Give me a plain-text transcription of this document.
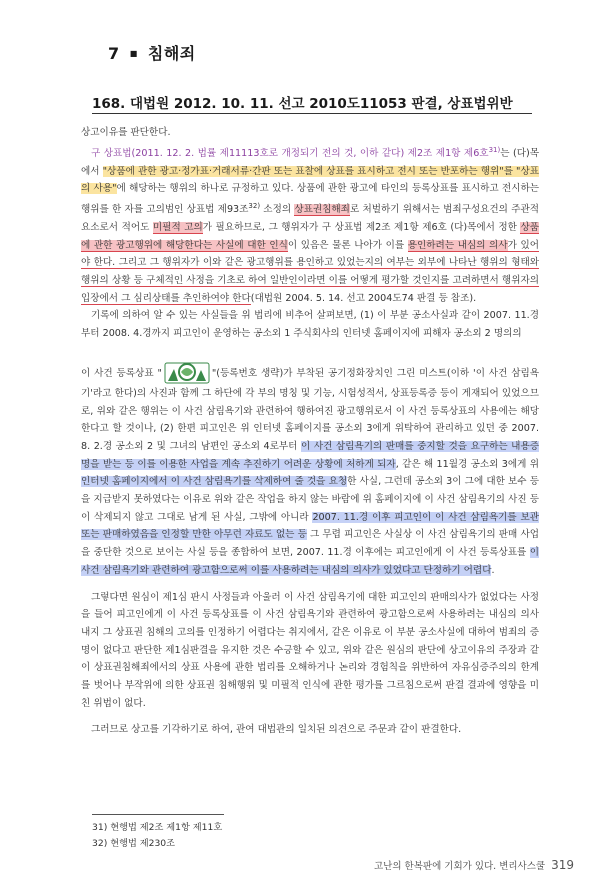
7 ■ 침해죄
168. 대법원 2012. 10. 11. 선고 2010도11053 판결, 상표법위반

상고이유를 판단한다.

구 상표법(2011. 12. 2. 법률 제11113호로 개정되기 전의 것, 이하 같다) 제2조 제1항 제6호$^{31)}$는 (다)목에서 "상품에 관한 광고·정가표·거래서류·간판 또는 표찰에 상표를 표시하고 전시 또는 반포하는 행위"를 "상표의 사용"에 해당하는 행위의 하나로 규정하고 있다. 상품에 관한 광고에 타인의 등록상표를 표시하고 전시하는 행위를 한 자를 고의범인 상표법 제93조$^{32)}$ 소정의 상표권침해죄로 처벌하기 위해서는 범죄구성요건의 주관적 요소로서 적어도 미필적 고의가 필요하므로, 그 행위자가 구 상표법 제2조 제1항 제6호 (다)목에서 정한 상품에 관한 광고행위에 해당한다는 사실에 대한 인식이 있음은 물론 나아가 이를 용인하려는 내심의 의사가 있어야 한다. 그리고 그 행위자가 이와 같은 광고행위를 용인하고 있었는지의 여부는 외부에 나타난 행위의 형태와 행위의 상황 등 구체적인 사정을 기초로 하여 일반인이라면 이를 어떻게 평가할 것인지를 고려하면서 행위자의 입장에서 그 심리상태를 추인하여야 한다(대법원 2004. 5. 14. 선고 2004도74 판결 등 참조).

기록에 의하여 알 수 있는 사실들을 위 법리에 비추어 살펴보면, (1) 이 부분 공소사실과 같이 2007. 11.경부터 2008. 4.경까지 피고인이 운영하는 공소외 1 주식회사의 인터넷 홈페이지에 피해자 공소외 2 명의의

이 사건 등록상표 "	"(등록번호 생략)가 부착된 공기정화장치인 그린 미스트(이하 '이 사건 삼림욕기'라고 한다)의 사진과 함께 그 하단에 각 부의 명칭 및 기능, 시험성적서, 상표등록증 등이 게재되어 있었으므로, 위와 같은 행위는 이 사건 삼림욕기와 관련하여 행하여진 광고행위로서 이 사건 등록상표의 사용에는 해당한다고 할 것이나, (2) 한편 피고인은 위 인터넷 홈페이지를 공소외 3에게 위탁하여 관리하고 있던 중 2007. 8. 2.경 공소외 2 및 그녀의 남편인 공소외 4로부터 이 사건 삼림욕기의 판매를 중지할 것을 요구하는 내용증명을 받는 등 이를 이용한 사업을 계속 추진하기 어려운 상황에 처하게 되자, 같은 해 11월경 공소외 3에게 위 인터넷 홈페이지에서 이 사건 삼림욕기를 삭제하여 줄 것을 요청한 사실, 그런데 공소외 3이 그에 대한 보수 등을 지급받지 못하였다는 이유로 위와 같은 작업을 하지 않는 바람에 위 홈페이지에 이 사건 삼림욕기의 사진 등이 삭제되지 않고 그대로 남게 된 사실, 그밖에 아니라 2007. 11.경 이후 피고인이 이 사건 삼림욕기를 보관 또는 판매하였음을 인정할 만한 아무런 자료도 없는 등 그 무렵 피고인은 사실상 이 사건 삼림욕기의 판매 사업을 중단한 것으로 보이는 사실 등을 종합하여 보면, 2007. 11.경 이후에는 피고인에게 이 사건 등록상표를 이 사건 삼림욕기와 관련하여 광고함으로써 이를 사용하려는 내심의 의사가 있었다고 단정하기 어렵다.

그렇다면 원심이 제1심 판시 사정들과 아울러 이 사건 삼림욕기에 대한 피고인의 판매의사가 없었다는 사정을 들어 피고인에게 이 사건 등록상표를 이 사건 삼림욕기와 관련하여 광고함으로써 사용하려는 내심의 의사 내지 그 상표권 침해의 고의를 인정하기 어렵다는 취지에서, 같은 이유로 이 부분 공소사실에 대하여 범죄의 증명이 없다고 판단한 제1심판결을 유지한 것은 수긍할 수 있고, 위와 같은 원심의 판단에 상고이유의 주장과 같이 상표권침해죄에서의 상표 사용에 관한 법리를 오해하거나 논리와 경험칙을 위반하여 자유심증주의의 한계를 벗어나 부작위에 의한 상표권 침해행위 및 미필적 인식에 관한 평가를 그르침으로써 판결 결과에 영향을 미친 위법이 없다.

그러므로 상고를 기각하기로 하여, 관여 대법관의 일치된 의견으로 주문과 같이 판결한다.

31) 현행법 제2조 제1항 제11호
32) 현행법 제230조
고난의 한복판에 기회가 있다. 변리사스쿨 319
